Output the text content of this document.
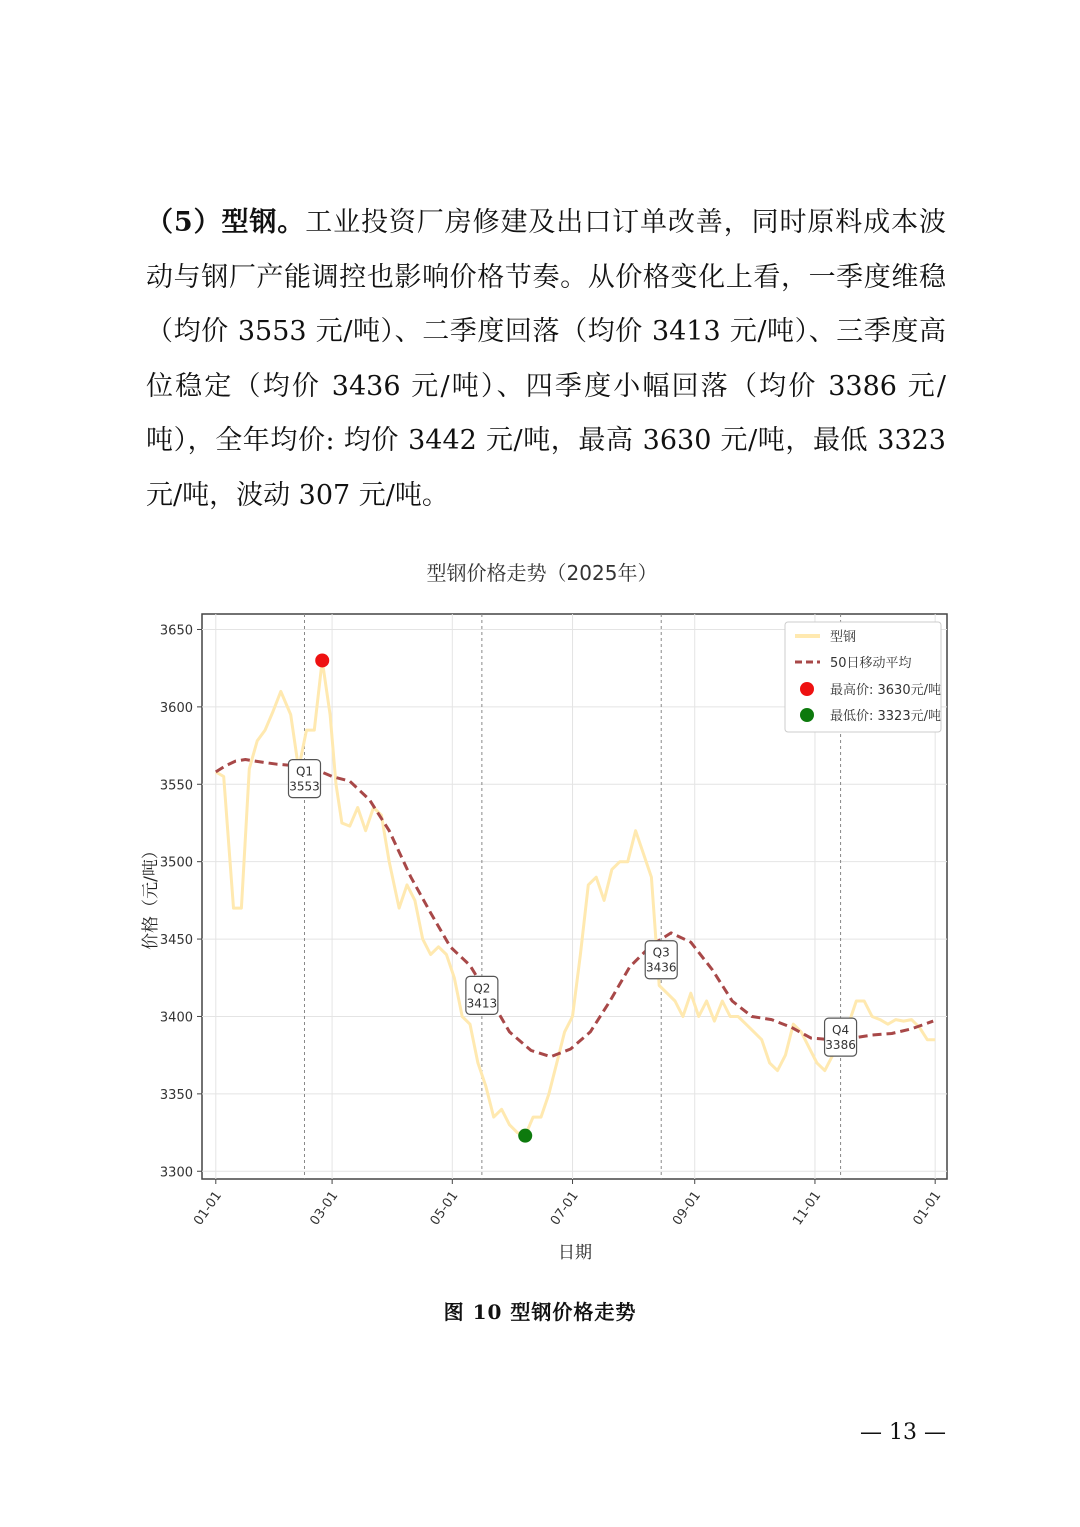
（5）型钢。工业投资厂房修建及出口订单改善，同时原料成本波动与钢厂产能调控也影响价格节奏。从价格变化上看，一季度维稳（均价 3553 元/吨）、二季度回落（均价 3413 元/吨）、三季度高位稳定（均价 3436 元/吨）、四季度小幅回落（均价 3386 元/吨），全年均价: 均价 3442 元/吨，最高 3630 元/吨，最低 3323 元/吨，波动 307 元/吨。

型钢价格走势（2025年）
Q1
3553
Q2
3413
Q3
3436
Q4
3386
3300
3350
3400
3450
3500
3550
3600
3650
01-01	03-01	05-01	07-01	09-01	11-01	01-01
日期
价格（元/吨）
型钢
50日移动平均
最高价: 3630元/吨
最低价: 3323元/吨
图 10 型钢价格走势
— 13 —
